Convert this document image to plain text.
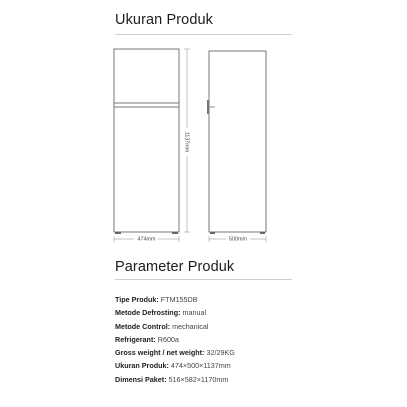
Ukuran Produk
1137mm
474mm	500mm
Parameter Produk
Tipe Produk: FTM155DB
Metode Defrosting: manual
Metode Control: mechanical
Refrigerant: R600a
Gross weight / net weight: 32/29KG
Ukuran Produk: 474×500×1137mm
Dimensi Paket: 516×582×1170mm
